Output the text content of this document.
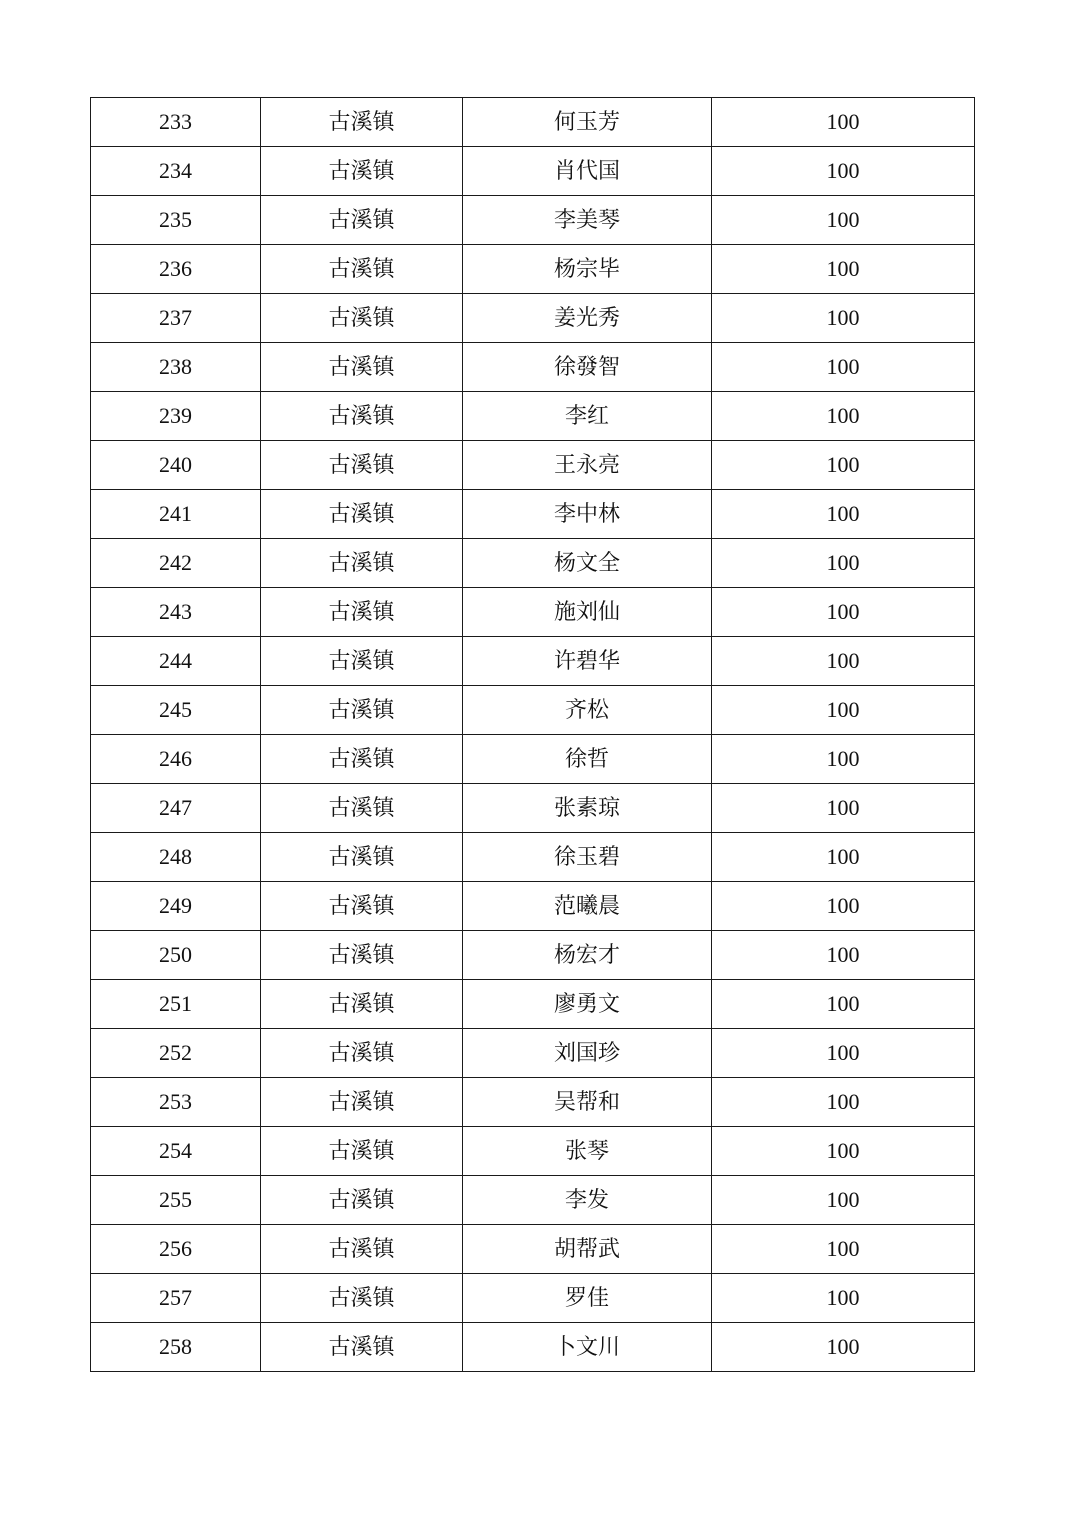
233	古溪镇	何玉芳	100
234	古溪镇	肖代国	100
235	古溪镇	李美琴	100
236	古溪镇	杨宗毕	100
237	古溪镇	姜光秀	100
238	古溪镇	徐發智	100
239	古溪镇	李红	100
240	古溪镇	王永亮	100
241	古溪镇	李中林	100
242	古溪镇	杨文全	100
243	古溪镇	施刘仙	100
244	古溪镇	许碧华	100
245	古溪镇	齐松	100
246	古溪镇	徐哲	100
247	古溪镇	张素琼	100
248	古溪镇	徐玉碧	100
249	古溪镇	范曦晨	100
250	古溪镇	杨宏才	100
251	古溪镇	廖勇文	100
252	古溪镇	刘国珍	100
253	古溪镇	吴帮和	100
254	古溪镇	张琴	100
255	古溪镇	李发	100
256	古溪镇	胡帮武	100
257	古溪镇	罗佳	100
258	古溪镇	卜文川	100
